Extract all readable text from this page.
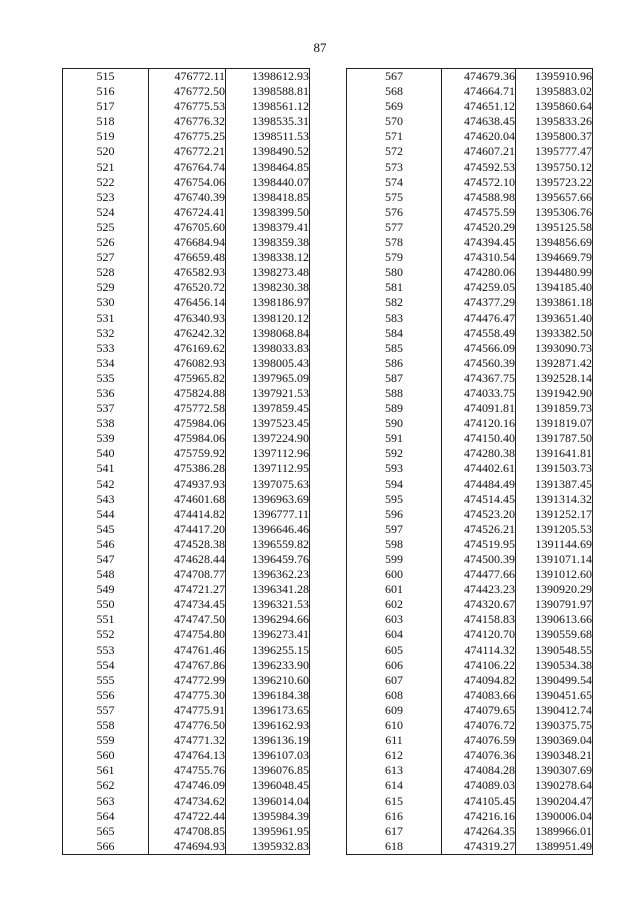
87
515	476772.11	1398612.93
516	476772.50	1398588.81
517	476775.53	1398561.12
518	476776.32	1398535.31
519	476775.25	1398511.53
520	476772.21	1398490.52
521	476764.74	1398464.85
522	476754.06	1398440.07
523	476740.39	1398418.85
524	476724.41	1398399.50
525	476705.60	1398379.41
526	476684.94	1398359.38
527	476659.48	1398338.12
528	476582.93	1398273.48
529	476520.72	1398230.38
530	476456.14	1398186.97
531	476340.93	1398120.12
532	476242.32	1398068.84
533	476169.62	1398033.83
534	476082.93	1398005.43
535	475965.82	1397965.09
536	475824.88	1397921.53
537	475772.58	1397859.45
538	475984.06	1397523.45
539	475984.06	1397224.90
540	475759.92	1397112.96
541	475386.28	1397112.95
542	474937.93	1397075.63
543	474601.68	1396963.69
544	474414.82	1396777.11
545	474417.20	1396646.46
546	474528.38	1396559.82
547	474628.44	1396459.76
548	474708.77	1396362.23
549	474721.27	1396341.28
550	474734.45	1396321.53
551	474747.50	1396294.66
552	474754.80	1396273.41
553	474761.46	1396255.15
554	474767.86	1396233.90
555	474772.99	1396210.60
556	474775.30	1396184.38
557	474775.91	1396173.65
558	474776.50	1396162.93
559	474771.32	1396136.19
560	474764.13	1396107.03
561	474755.76	1396076.85
562	474746.09	1396048.45
563	474734.62	1396014.04
564	474722.44	1395984.39
565	474708.85	1395961.95
566	474694.93	1395932.83
567	474679.36	1395910.96
568	474664.71	1395883.02
569	474651.12	1395860.64
570	474638.45	1395833.26
571	474620.04	1395800.37
572	474607.21	1395777.47
573	474592.53	1395750.12
574	474572.10	1395723.22
575	474588.98	1395657.66
576	474575.59	1395306.76
577	474520.29	1395125.58
578	474394.45	1394856.69
579	474310.54	1394669.79
580	474280.06	1394480.99
581	474259.05	1394185.40
582	474377.29	1393861.18
583	474476.47	1393651.40
584	474558.49	1393382.50
585	474566.09	1393090.73
586	474560.39	1392871.42
587	474367.75	1392528.14
588	474033.75	1391942.90
589	474091.81	1391859.73
590	474120.16	1391819.07
591	474150.40	1391787.50
592	474280.38	1391641.81
593	474402.61	1391503.73
594	474484.49	1391387.45
595	474514.45	1391314.32
596	474523.20	1391252.17
597	474526.21	1391205.53
598	474519.95	1391144.69
599	474500.39	1391071.14
600	474477.66	1391012.60
601	474423.23	1390920.29
602	474320.67	1390791.97
603	474158.83	1390613.66
604	474120.70	1390559.68
605	474114.32	1390548.55
606	474106.22	1390534.38
607	474094.82	1390499.54
608	474083.66	1390451.65
609	474079.65	1390412.74
610	474076.72	1390375.75
611	474076.59	1390369.04
612	474076.36	1390348.21
613	474084.28	1390307.69
614	474089.03	1390278.64
615	474105.45	1390204.47
616	474216.16	1390006.04
617	474264.35	1389966.01
618	474319.27	1389951.49
